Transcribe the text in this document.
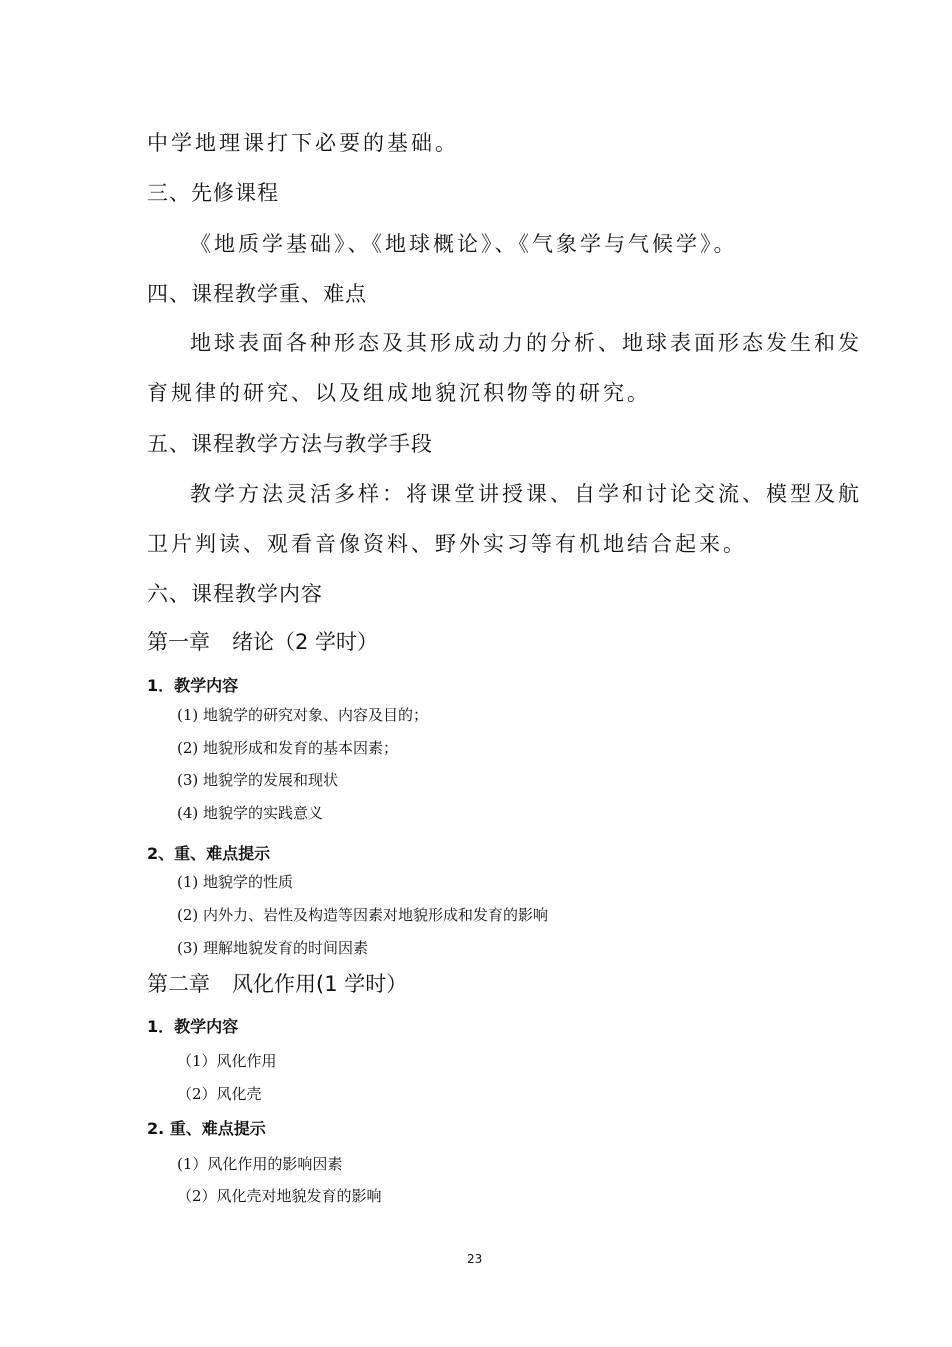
中学地理课打下必要的基础。
三、先修课程
《地质学基础》、《地球概论》、《气象学与气候学》。
四、课程教学重、难点
地球表面各种形态及其形成动力的分析、地球表面形态发生和发
育规律的研究、以及组成地貌沉积物等的研究。
五、课程教学方法与教学手段
教学方法灵活多样：将课堂讲授课、自学和讨论交流、模型及航
卫片判读、观看音像资料、野外实习等有机地结合起来。
六、课程教学内容
第一章 绪论（2 学时）
1．教学内容
(1) 地貌学的研究对象、内容及目的；
(2) 地貌形成和发育的基本因素；
(3) 地貌学的发展和现状
(4) 地貌学的实践意义
2、重、难点提示
(1) 地貌学的性质
(2) 内外力、岩性及构造等因素对地貌形成和发育的影响
(3) 理解地貌发育的时间因素
第二章 风化作用(1 学时）
1．教学内容
（1）风化作用
（2）风化壳
2. 重、难点提示
(1）风化作用的影响因素
（2）风化壳对地貌发育的影响
23
